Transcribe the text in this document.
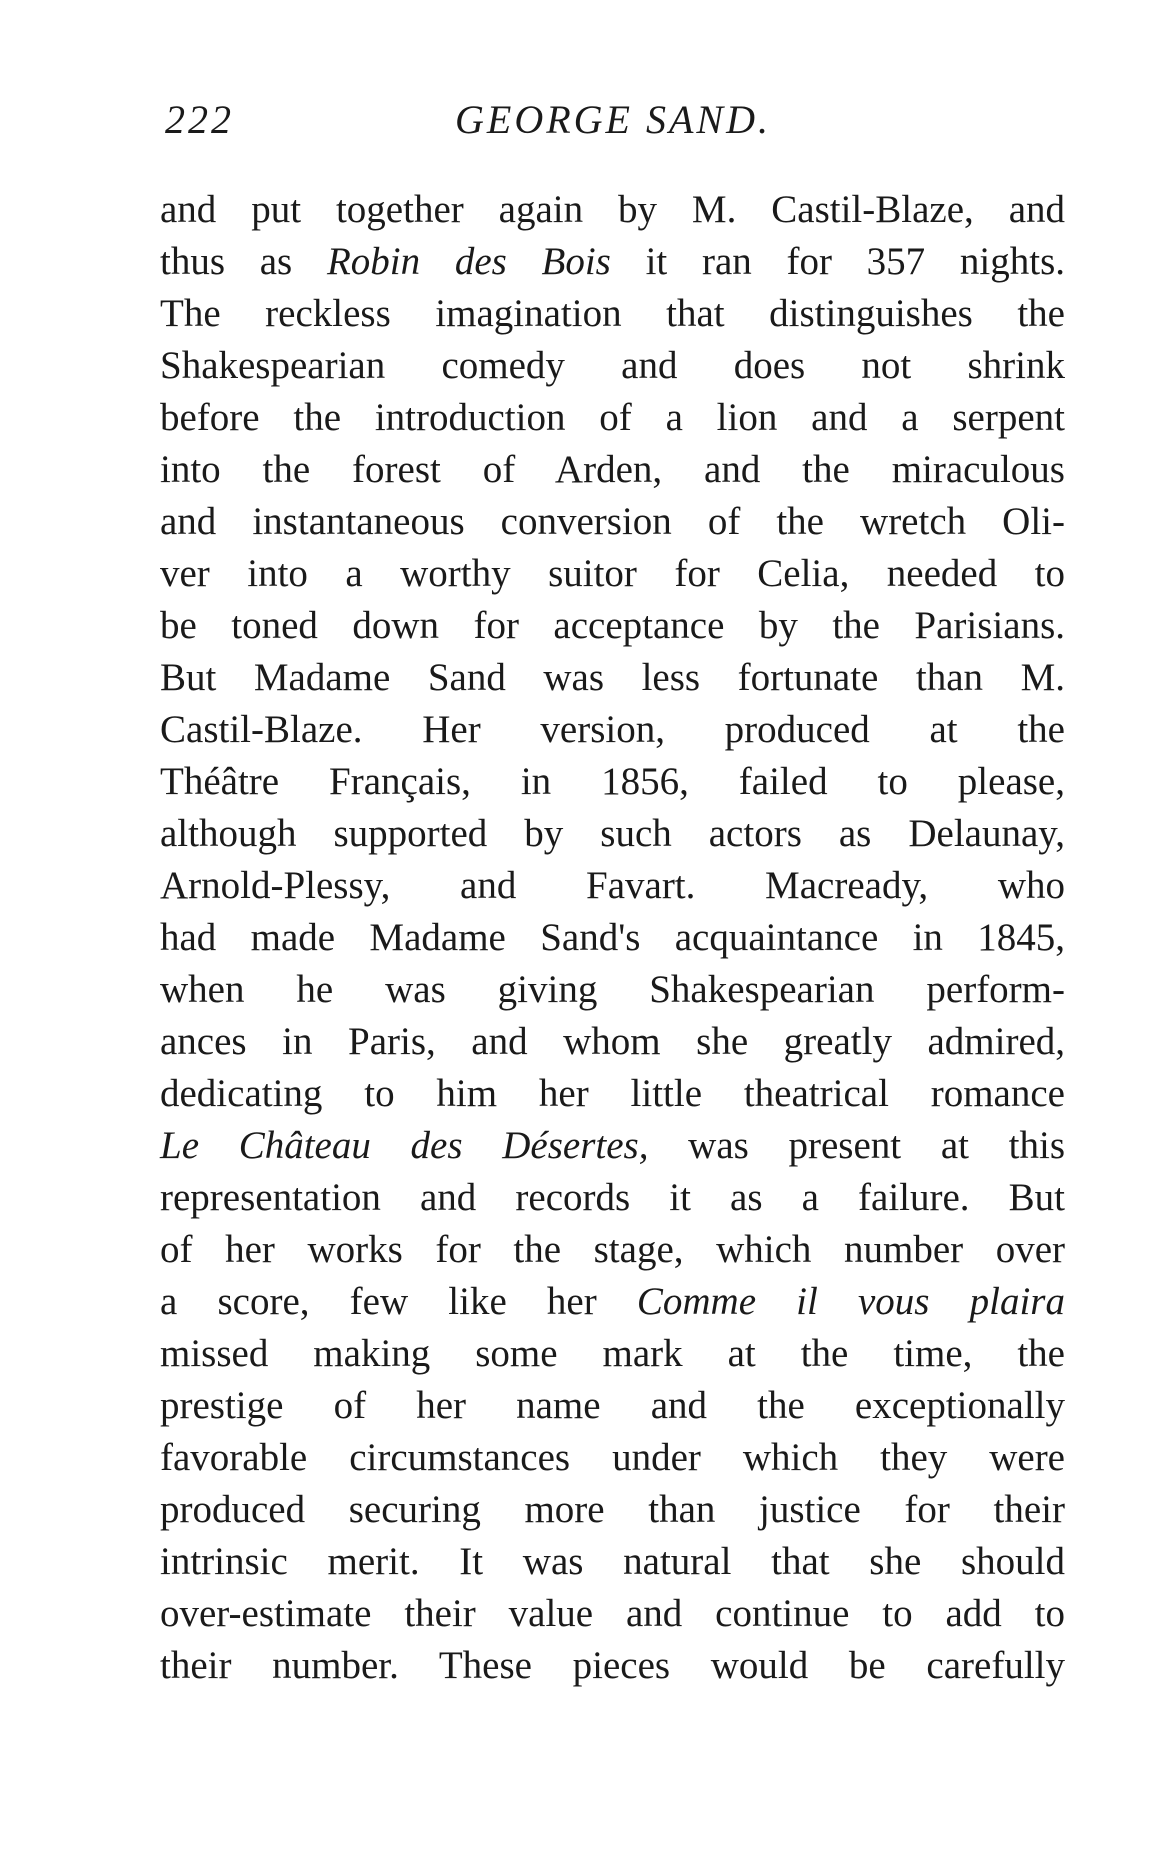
222	GEORGE SAND.
and put together again by M. Castil-Blaze, and
thus as Robin des Bois it ran for 357 nights.
The reckless imagination that distinguishes the
Shakespearian comedy and does not shrink
before the introduction of a lion and a serpent
into the forest of Arden, and the miraculous
and instantaneous conversion of the wretch Oli-
ver into a worthy suitor for Celia, needed to
be toned down for acceptance by the Parisians.
But Madame Sand was less fortunate than M.
Castil-Blaze. Her version, produced at the
Théâtre Français, in 1856, failed to please,
although supported by such actors as Delaunay,
Arnold-Plessy, and Favart. Macready, who
had made Madame Sand's acquaintance in 1845,
when he was giving Shakespearian perform-
ances in Paris, and whom she greatly admired,
dedicating to him her little theatrical romance
Le Château des Désertes, was present at this
representation and records it as a failure. But
of her works for the stage, which number over
a score, few like her Comme il vous plaira
missed making some mark at the time, the
prestige of her name and the exceptionally
favorable circumstances under which they were
produced securing more than justice for their
intrinsic merit. It was natural that she should
over-estimate their value and continue to add to
their number. These pieces would be carefully
